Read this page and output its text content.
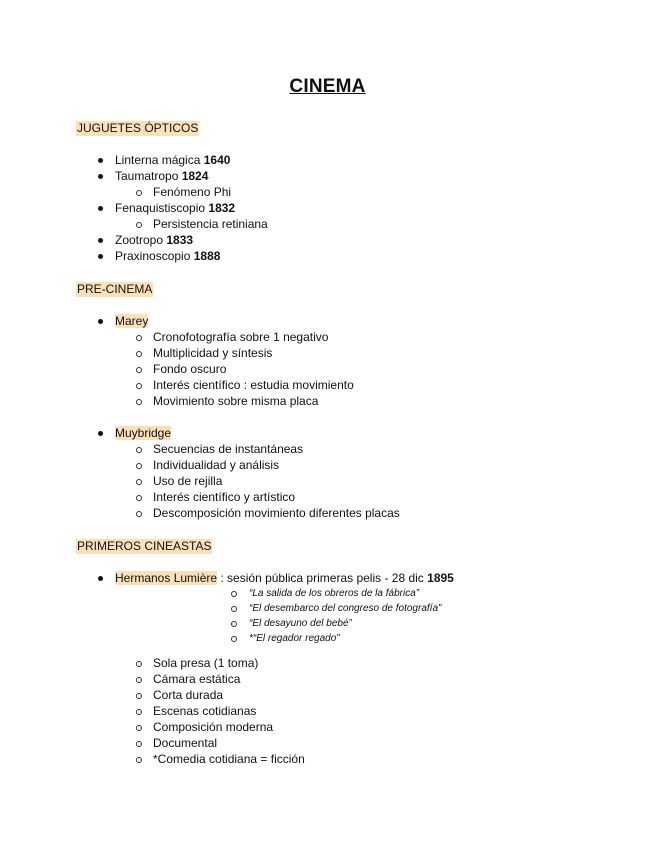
CINEMA
JUGUETES ÓPTICOS
Linterna mágica 1640
Taumatropo 1824
Fenómeno Phi
Fenaquistiscopio 1832
Persistencia retiniana
Zootropo 1833
Praxinoscopio 1888
PRE-CINEMA
Marey
Cronofotografía sobre 1 negativo
Multiplicidad y síntesis
Fondo oscuro
Interés científico : estudia movimiento
Movimiento sobre misma placa
Muybridge
Secuencias de instantáneas
Individualidad y análisis
Uso de rejilla
Interés científico y artístico
Descomposición movimiento diferentes placas
PRIMEROS CINEASTAS
Hermanos Lumière : sesión pública primeras pelis - 28 dic 1895
“La salida de los obreros de la fábrica”
“El desembarco del congreso de fotografía”
“El desayuno del bebé”
*“El regador regado”
Sola presa (1 toma)
Cámara estática
Corta durada
Escenas cotidianas
Composición moderna
Documental
*Comedia cotidiana = ficción
